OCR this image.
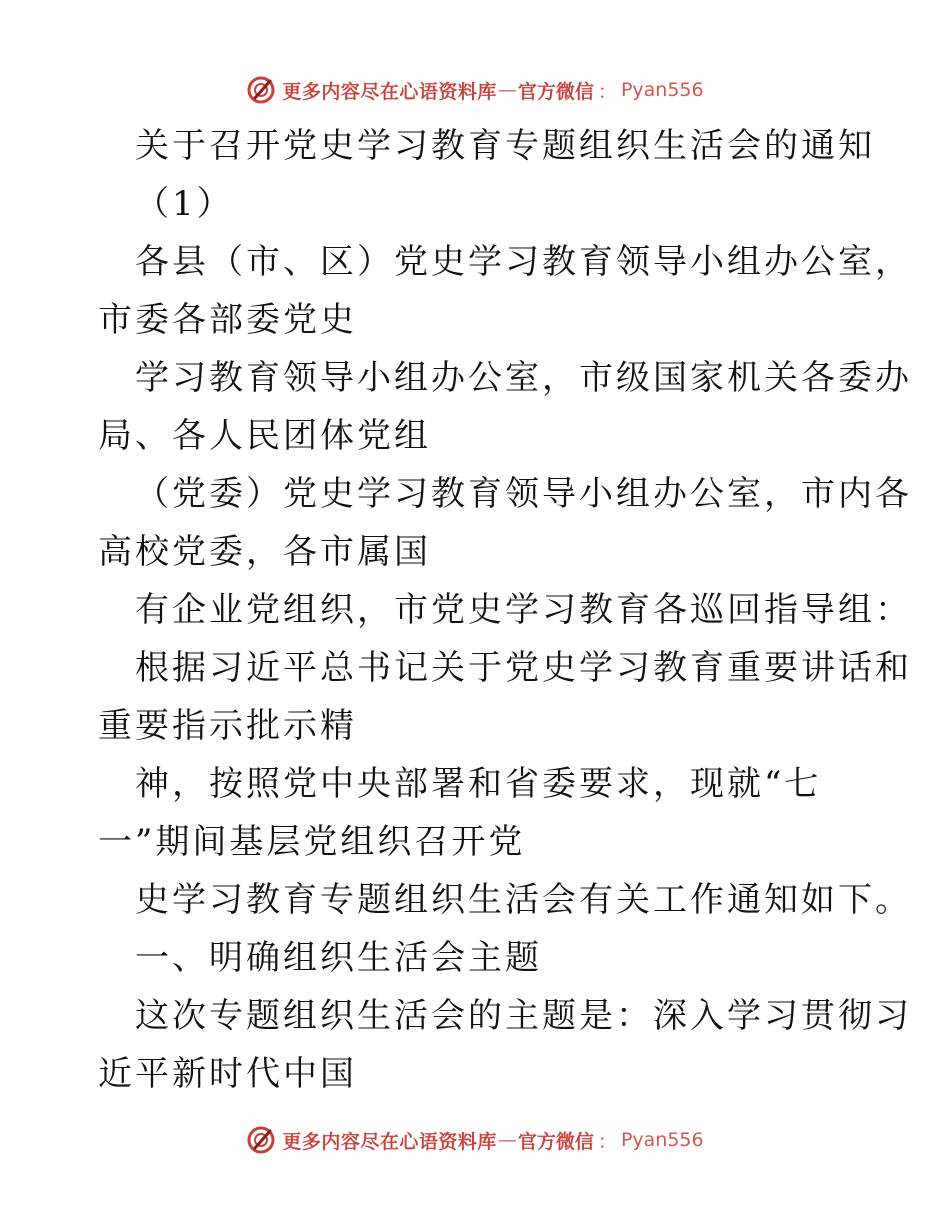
更多内容尽在心语资料库 — 官方微信 ： Pyan556
关于召开党史学习教育专题组织生活会的通知
（1）
各县（市、区）党史学习教育领导小组办公室，
市委各部委党史
学习教育领导小组办公室，市级国家机关各委办
局、各人民团体党组
（党委）党史学习教育领导小组办公室，市内各
高校党委，各市属国
有企业党组织，市党史学习教育各巡回指导组：
根据习近平总书记关于党史学习教育重要讲话和
重要指示批示精
神，按照党中央部署和省委要求，现就“七
一”期间基层党组织召开党
史学习教育专题组织生活会有关工作通知如下。
一、明确组织生活会主题
这次专题组织生活会的主题是：深入学习贯彻习
近平新时代中国
更多内容尽在心语资料库 — 官方微信 ： Pyan556
